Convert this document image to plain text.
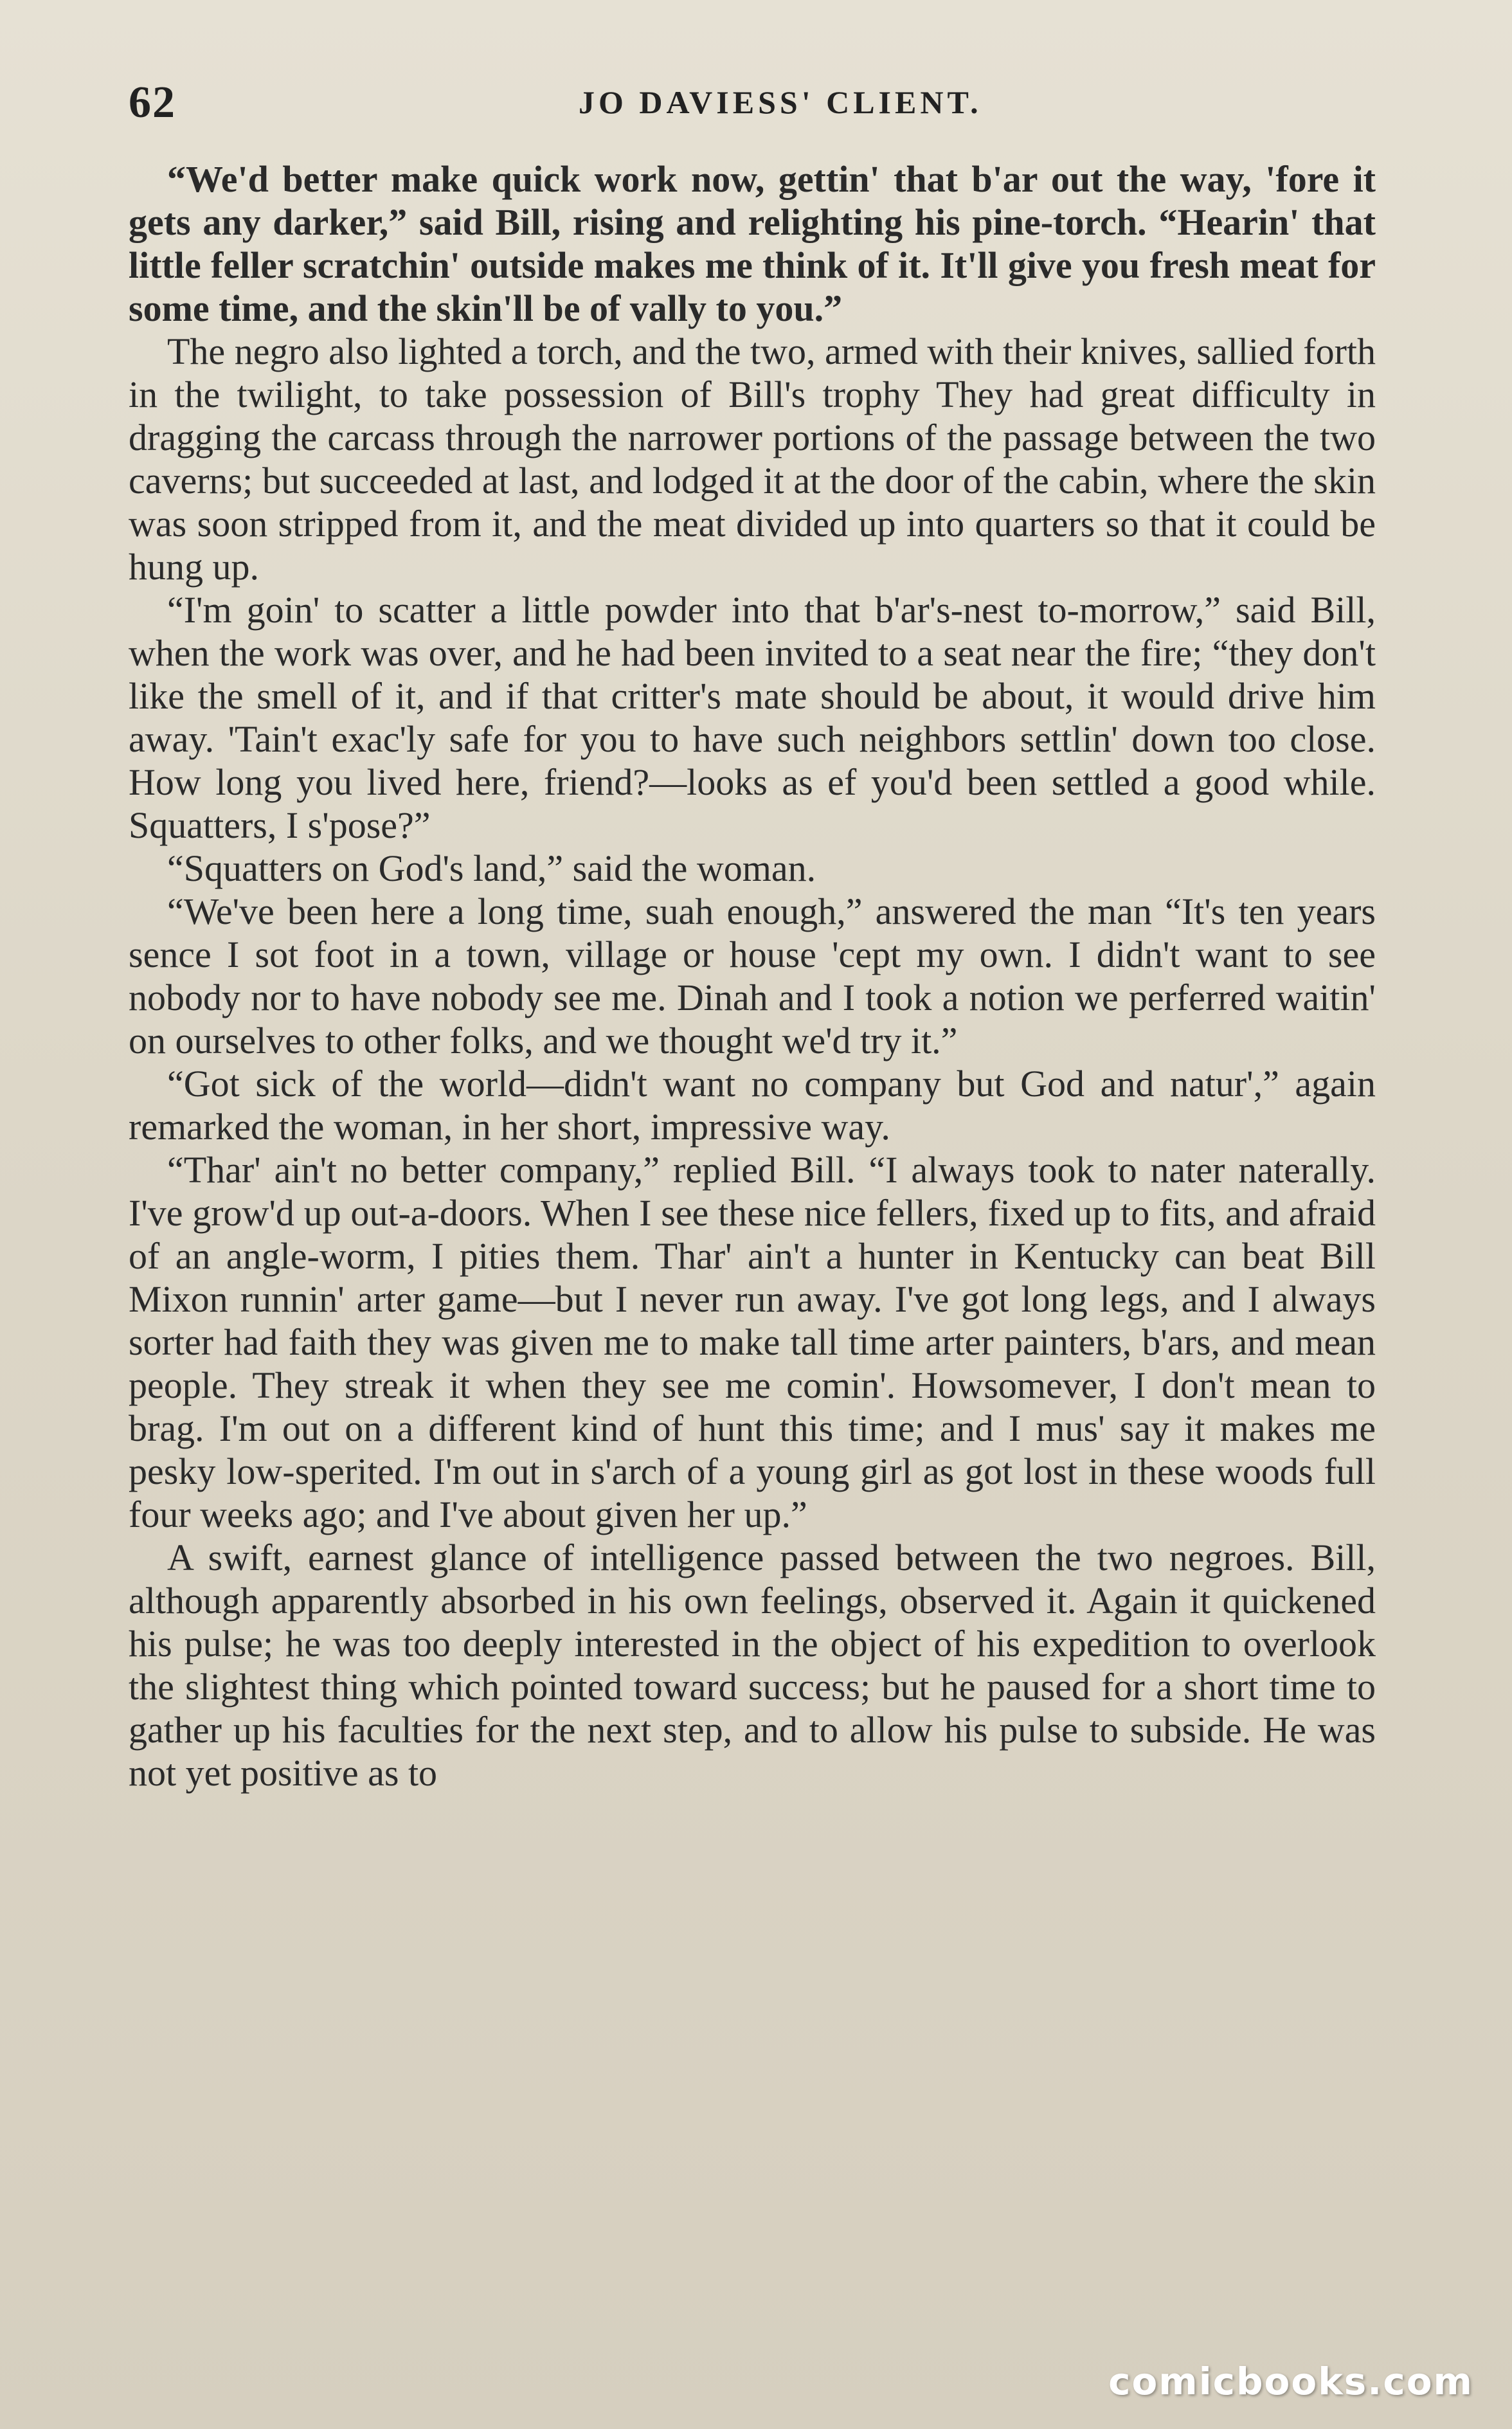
62	JO DAVIESS' CLIENT.

“We'd better make quick work now, gettin' that b'ar out the way, 'fore it gets any darker,” said Bill, rising and relighting his pine-torch. “Hearin' that little feller scratchin' outside makes me think of it. It'll give you fresh meat for some time, and the skin'll be of vally to you.”

The negro also lighted a torch, and the two, armed with their knives, sallied forth in the twilight, to take possession of Bill's trophy They had great difficulty in dragging the carcass through the narrower portions of the passage between the two caverns; but succeeded at last, and lodged it at the door of the cabin, where the skin was soon stripped from it, and the meat divided up into quarters so that it could be hung up.

“I'm goin' to scatter a little powder into that b'ar's-nest to-morrow,” said Bill, when the work was over, and he had been invited to a seat near the fire; “they don't like the smell of it, and if that critter's mate should be about, it would drive him away. 'Tain't exac'ly safe for you to have such neighbors settlin' down too close. How long you lived here, friend?—looks as ef you'd been settled a good while. Squatters, I s'pose?”

“Squatters on God's land,” said the woman.

“We've been here a long time, suah enough,” answered the man “It's ten years sence I sot foot in a town, village or house 'cept my own. I didn't want to see nobody nor to have nobody see me. Dinah and I took a notion we perferred waitin' on ourselves to other folks, and we thought we'd try it.”

“Got sick of the world—didn't want no company but God and natur',” again remarked the woman, in her short, impressive way.

“Thar' ain't no better company,” replied Bill. “I always took to nater naterally. I've grow'd up out-a-doors. When I see these nice fellers, fixed up to fits, and afraid of an angle-worm, I pities them. Thar' ain't a hunter in Kentucky can beat Bill Mixon runnin' arter game—but I never run away. I've got long legs, and I always sorter had faith they was given me to make tall time arter painters, b'ars, and mean people. They streak it when they see me comin'. Howsomever, I don't mean to brag. I'm out on a different kind of hunt this time; and I mus' say it makes me pesky low-sperited. I'm out in s'arch of a young girl as got lost in these woods full four weeks ago; and I've about given her up.”

A swift, earnest glance of intelligence passed between the two negroes. Bill, although apparently absorbed in his own feelings, observed it. Again it quickened his pulse; he was too deeply interested in the object of his expedition to overlook the slightest thing which pointed toward success; but he paused for a short time to gather up his faculties for the next step, and to allow his pulse to subside. He was not yet positive as to

comicbooks.com
